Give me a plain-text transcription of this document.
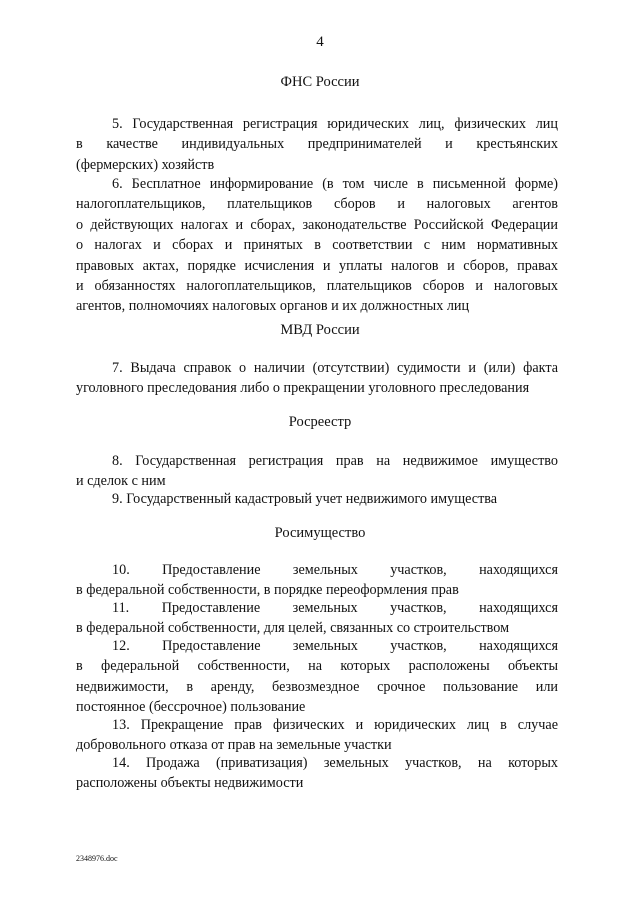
4
ФНС России
5. Государственная регистрация юридических лиц, физических лиц
в качестве индивидуальных предпринимателей и крестьянских
(фермерских) хозяйств
6. Бесплатное информирование (в том числе в письменной форме)
налогоплательщиков, плательщиков сборов и налоговых агентов
о действующих налогах и сборах, законодательстве Российской Федерации
о налогах и сборах и принятых в соответствии с ним нормативных
правовых актах, порядке исчисления и уплаты налогов и сборов, правах
и обязанностях налогоплательщиков, плательщиков сборов и налоговых
агентов, полномочиях налоговых органов и их должностных лиц
МВД России
7. Выдача справок о наличии (отсутствии) судимости и (или) факта
уголовного преследования либо о прекращении уголовного преследования
Росреестр
8. Государственная регистрация прав на недвижимое имущество
и сделок с ним
9. Государственный кадастровый учет недвижимого имущества
Росимущество
10. Предоставление земельных участков, находящихся
в федеральной собственности, в порядке переоформления прав
11. Предоставление земельных участков, находящихся
в федеральной собственности, для целей, связанных со строительством
12. Предоставление земельных участков, находящихся
в федеральной собственности, на которых расположены объекты
недвижимости, в аренду, безвозмездное срочное пользование или
постоянное (бессрочное) пользование
13. Прекращение прав физических и юридических лиц в случае
добровольного отказа от прав на земельные участки
14. Продажа (приватизация) земельных участков, на которых
расположены объекты недвижимости
2348976.doc
